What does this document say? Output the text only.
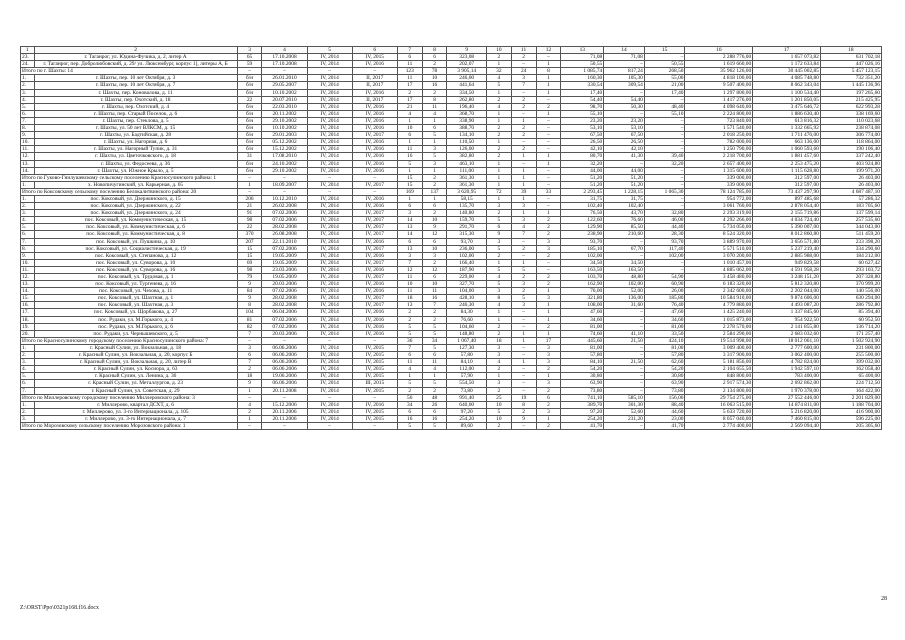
1	2	3	4	5	6	7	8	9	10	11	12	13	14	15	16	17	18
23.	г. Таганрог, ул. Юдина-Фучика, д. 2, литер А	65	17.10.2008	IV, 2014	IV, 2015	6	6	323,08	2	2	–	71,08	71,08	–	2 288 776,00	1 657 073,82	631 702,18
24.	г. Таганрог, пер. Добролюбовский, д. 29/ ул. Люксембург, корпус 1], литеры А, Б	59	17.10.2008	IV, 2014	IV, 2016	11	2	202,07	1	–	1	50,55	–	50,55	1 619 660,00	1 172 633,84	447 026,16
Итого по г. Шахты: 14		–	–	–	–	123	78	3 905,14	32	24	8	1 085,74	817,24	268,50	35 962 126,00	30 445 002,85	5 457 123,15
1.	г. Шахты, пер. 10 лет Октября, д. 3	б/н	26.01.2010	IV, 2014	II, 2017	11	10	246,00	4	3	1	160,30	105,30	55,00	4 818 100,00	4 085 748,80	732 351,20
2.	г. Шахты, пер. 10 лет Октября, д. 7	б/н	29.05.2007	IV, 2014	II, 2017	17	16	441,64	5	7	1	330,54	309,54	21,00	9 507 400,00	8 062 343,04	1 445 136,96
3.	г. Шахты, пер. Коновалова, д. 11	б/н	10.10.2002	IV, 2014	IV, 2016	2	2	334,50	1	–	1	17,40	–	17,40	1 297 800,00	1 100 534,40	197 265,60
4.	г. Шахты, пер. Охотский, д. 18	22	20.07.2010	IV, 2014	II, 2017	17	8	262,80	2	2	–	54,40	54,40	–	1 417 276,00	1 201 850,05	215 425,95
5.	г. Шахты, пер. Охотский, д. 4	б/н	22.03.2010	IV, 2014	IV, 2016	21	11	196,40	4	2	2	98,70	50,30	48,40	4 098 640,00	3 475 646,72	622 993,28
6.	г. Шахты, пер. Старый Поселок, д. 6	б/н	20.11.2002	IV, 2014	IV, 2016	4	4	368,70	1	–	1	55,10	–	55,10	2 224 800,00	1 886 630,40	338 169,60
7.	г. Шахты, пер. Стеклова, д. 5	б/н	29.10.2002	IV, 2014	IV, 2016	1	1	338,90	1	1	–	23,20	23,20	–	723 840,00	613 816,32	110 023,68
8.	г. Шахты, ул. 50 лет ВЛКСМ, д. 15	б/н	10.10.2002	IV, 2014	IV, 2016	10	6	388,70	2	2	–	53,10	53,10	–	1 571 540,00	1 332 665,92	238 874,08
9.	г. Шахты, ул. Бадтийская, д. 28	б/н	29.01.2003	IV, 2014	IV, 2017	6	5	134,10	2	2	–	67,50	67,50	–	2 018 250,00	1 711 476,00	306 774,00
10.	г. Шахты, ул. Нагорная, д. 6	б/н	05.12.2002	IV, 2014	IV, 2016	1	1	110,50	1	–	–	26,50	26,50	–	782 000,00	663 136,00	118 864,00
11.	г. Шахты, ул. Нагорный Тупик, д. 31	б/н	15.12.2002	IV, 2014	IV, 2016	11	3	126,00	2	2	–	42,10	42,10	–	1 250 790,00	1 060 593,60	190 106,40
12.	г. Шахты, ул. Цветочковского, д. 18	31	17.08.2010	IV, 2014	IV, 2016	16	5	382,80	2	1	1	80,70	41,30	39,40	2 218 700,00	1 881 457,60	337 242,40
13.	г. Шахты, ул. Федосеева, д. 36	б/н	24.10.2002	IV, 2014	IV, 2016	5	3	463,10	1	–	1	32,20	–	32,20	2 657 400,00	2 253 475,20	403 924,80
14.	г. Шахты, ул. Южное Крыло, д. 5	б/н	29.10.2002	IV, 2014	IV, 2016	1	1	111,00	1	1	–	44,00	44,00	–	1 315 600,00	1 115 628,80	199 971,20
Итого по Гуково-Гнилушевскому сельскому поселению Красносулинского района: 1		–	–	–	–	15	2	361,30	1	1	–	51,20	51,20	–	339 000,00	312 597,00	26 403,00
1.	х. Новопичугинский, ул. Карьерная, д. 65	1	18.09.2007	IV, 2014	IV, 2017	15	2	361,30	1	1	–	51,20	51,20	–	339 000,00	312 597,00	26 403,00
Итого по Коксовскому сельскому поселению Белокалитвинского района: 20		–	–	–	–	169	137	3 620,95	72	39	33	2 293,45	1 228,15	1 065,30	78 124 785,00	73 437 297,90	4 687 487,10
1.	пос. Коксовый, ул. Дзержинского, д. 15	206	10.12.2010	IV, 2014	IV, 2016	1	1	58,15	1	1	–	31,75	31,75	–	954 772,00	897 485,68	57 286,32
2.	пос. Коксовый, ул. Дзержинского, д. 22	21	26.02.2008	IV, 2014	IV, 2016	6	6	135,70	3	3	–	102,40	102,40	–	3 061 760,00	2 878 054,40	183 705,60
3.	пос. Коксовый, ул. Дзержинского, д. 24	91	07.02.2006	IV, 2014	IV, 2017	3	2	140,80	2	1	1	76,50	43,70	32,80	2 293 319,00	2 155 719,86	137 599,14
4.	пос. Коксовый, ул. Коммунистическая, д. 15	98	07.02.2006	IV, 2014	IV, 2017	14	10	159,70	5	3	2	122,60	76,60	46,00	4 292 266,00	4 034 724,40	257 535,60
5.	пос. Коксовый, ул. Коммунистическая, д. 6	22	28.02.2008	IV, 2014	IV, 2017	13	9	291,70	6	4	2	129,90	85,50	44,40	5 734 050,00	5 390 007,00	344 043,00
6.	пос. Коксовый, ул. Коммунистическая, д. 8	370	26.08.2008	IV, 2014	IV, 2017	14	12	315,30	9	7	2	238,90	210,60	28,30	8 524 320,00	8 012 860,80	511 459,20
7.	пос. Коксовый, ул. Пушкина, д. 10	207	22.11.2010	IV, 2014	IV, 2016	6	6	93,70	3	–	3	93,70	–	93,70	3 889 970,00	3 656 571,80	233 398,20
8.	пос. Коксовый, ул. Социалистическая, д. 19	15	07.02.2006	IV, 2014	IV, 2017	13	10	236,00	5	2	3	185,10	67,70	117,40	5 571 510,00	5 237 219,40	334 290,60
9.	пос. Коксовый, ул. Степанова, д. 12	15	19.05.2009	IV, 2014	IV, 2016	3	3	102,00	2	–	2	102,00	–	102,00	3 070 200,00	2 885 988,00	184 212,00
10.	пос. Коксовый, ул. Суворова, д. 10	69	19.05.2009	IV, 2014	IV, 2017	7	2	166,40	1	1	–	34,50	34,50	–	1 010 457,00	949 829,58	60 627,42
11.	пос. Коксовый, ул. Суворова, д. 16	98	23.03.2006	IV, 2014	IV, 2016	12	12	187,90	5	5	–	163,50	163,50	–	4 885 062,00	4 591 958,28	293 103,72
12.	пос. Коксовый, ул. Трудовая, д. 1	79	19.05.2009	IV, 2014	IV, 2017	11	6	229,00	4	2	2	103,70	48,80	54,90	3 458 480,00	3 248 151,20	207 328,80
13.	пос. Коксовый, ул. Тургенева, д. 16	9	20.03.2006	IV, 2014	IV, 2016	10	10	327,70	5	3	2	162,90	102,00	60,90	6 183 320,00	5 812 320,80	370 999,20
14.	пос. Коксовый, ул. Чехова, д. 11	84	07.02.2006	IV, 2014	IV, 2016	11	11	104,00	3	2	1	76,00	52,00	26,00	2 342 600,00	2 202 044,00	140 556,00
15.	пос. Коксовый, ул. Шахтная, д. 1	9	28.02.2008	IV, 2014	IV, 2017	18	16	428,10	8	5	3	321,80	136,00	185,80	10 584 910,00	9 874 606,00	630 294,00
16.	пос. Коксовый, ул. Шахтная, д. 3	8	28.02.2008	IV, 2014	IV, 2017	13	7	246,30	4	3	1	108,00	31,60	76,40	4 779 880,00	4 493 087,20	286 792,80
17.	пос. Коксовый, ул. Щорбакова, д. 27	104	06.04.2006	IV, 2014	IV, 2016	2	2	84,30	1	–	1	47,60	–	47,60	1 425 240,00	1 337 845,60	85 394,40
18.	пос. Рудаки, ул. М.Горького, д. 4	81	07.02.2006	IV, 2014	IV, 2016	2	2	76,60	1	–	1	34,60	–	34,60	1 015 873,00	954 922,50	60 952,50
19.	пос. Рудаки, ул. М.Горького, д. 6	82	07.02.2006	IV, 2014	IV, 2016	5	5	104,60	2	–	2	81,00	–	81,00	2 278 570,00	2 141 855,80	136 714,20
20.	пос. Рудаки, ул. Чернышевского, д. 5	7	20.03.2006	IV, 2014	IV, 2016	5	5	148,80	2	1	1	74,60	41,10	33,50	2 584 290,00	2 683 032,60	171 257,40
Итого по Красносулинскому городскому поселению Красносулинского района: 7		–	–	–	–	36	34	1 067,40	18	1	17	445,60	21,50	424,10	19 514 998,00	18 012 061,10	1 502 924,90
1.	г. Красный Сулин, ул. Вокзальная, д. 18	3	06.06.2006	IV, 2014	IV, 2015	7	5	127,30	3	–	3	81,00	–	81,00	3 009 400,00	2 777 600,00	231 800,00
2.	г. Красный Сулин, ул. Вокзальная, д. 20, корпус Б	6	06.06.2006	IV, 2014	IV, 2015	6	6	57,80	3	–	3	57,80	–	57,80	3 317 900,00	3 062 400,00	255 500,00
3.	г. Красный Сулин, ул. Вокзальная, д. 20, литер В	7	06.06.2006	IV, 2014	IV, 2015	11	11	84,10	4	1	3	84,10	21,50	62,60	5 181 856,00	4 782 824,00	399 032,00
4.	г. Красный Сулин, ул. Косиора, д. 63	2	06.06.2006	IV, 2014	IV, 2015	4	4	112,00	2	–	2	54,20	–	54,20	2 104 655,50	1 942 597,10	162 058,40
5.	г. Красный Сулин, ул. Ленина, д. 36	18	19.06.2006	IV, 2014	IV, 2015	1	1	57,90	1	–	1	30,80	–	30,80	848 800,00	783 400,00	65 400,00
6.	г. Красный Сулин, ул. Металлургов, д. 23	9	06.06.2006	IV, 2014	III, 2015	5	5	554,50	3	–	3	63,90	–	63,90	2 917 574,30	2 692 862,00	224 712,50
7.	г. Красный Сулин, ул. Советская, д. 29	1	20.11.2008	IV, 2014	IV, 2015	2	2	73,80	2	–	2	73,80	–	73,80	2 134 800,00	1 970 378,00	164 422,00
Итого по Миллеровскому городскому поселению Миллеровского района: 3		–	–	–	–	56	48	991,40	25	19	6	741,10	585,10	156,00	29 754 275,00	27 552 446,00	2 201 829,00
1.	г. Миллерово, квартал ДСХТ, д. 6	4	15.12.2006	IV, 2014	IV, 2016	34	26	640,00	10	8	2	389,70	301,30	88,40	16 063 515,00	14 874 811,00	1 188 704,00
2.	г. Миллерово, ул. 3-го Интернационала, д. 105	2	20.11.2006	IV, 2014	IV, 2015	6	6	97,20	5	2	3	97,20	52,60	44,60	5 633 720,00	5 216 820,00	416 900,00
3.	г. Миллерово, ул. 3-го Интернационала, д. 7	1	20.11.2006	IV, 2014	IV, 2015	16	16	254,20	10	9	1	254,20	231,20	23,00	8 057 040,00	7 460 815,00	596 225,00
Итого по Морозовскому сельскому поселению Морозовского района: 1		–	–	–	–	5	5	89,60	2	–	2	41,70	–	41,70	2 774 400,00	2 569 094,40	205 305,60
28
Z:\ORST\Ppo\0321p168.f16.docx
